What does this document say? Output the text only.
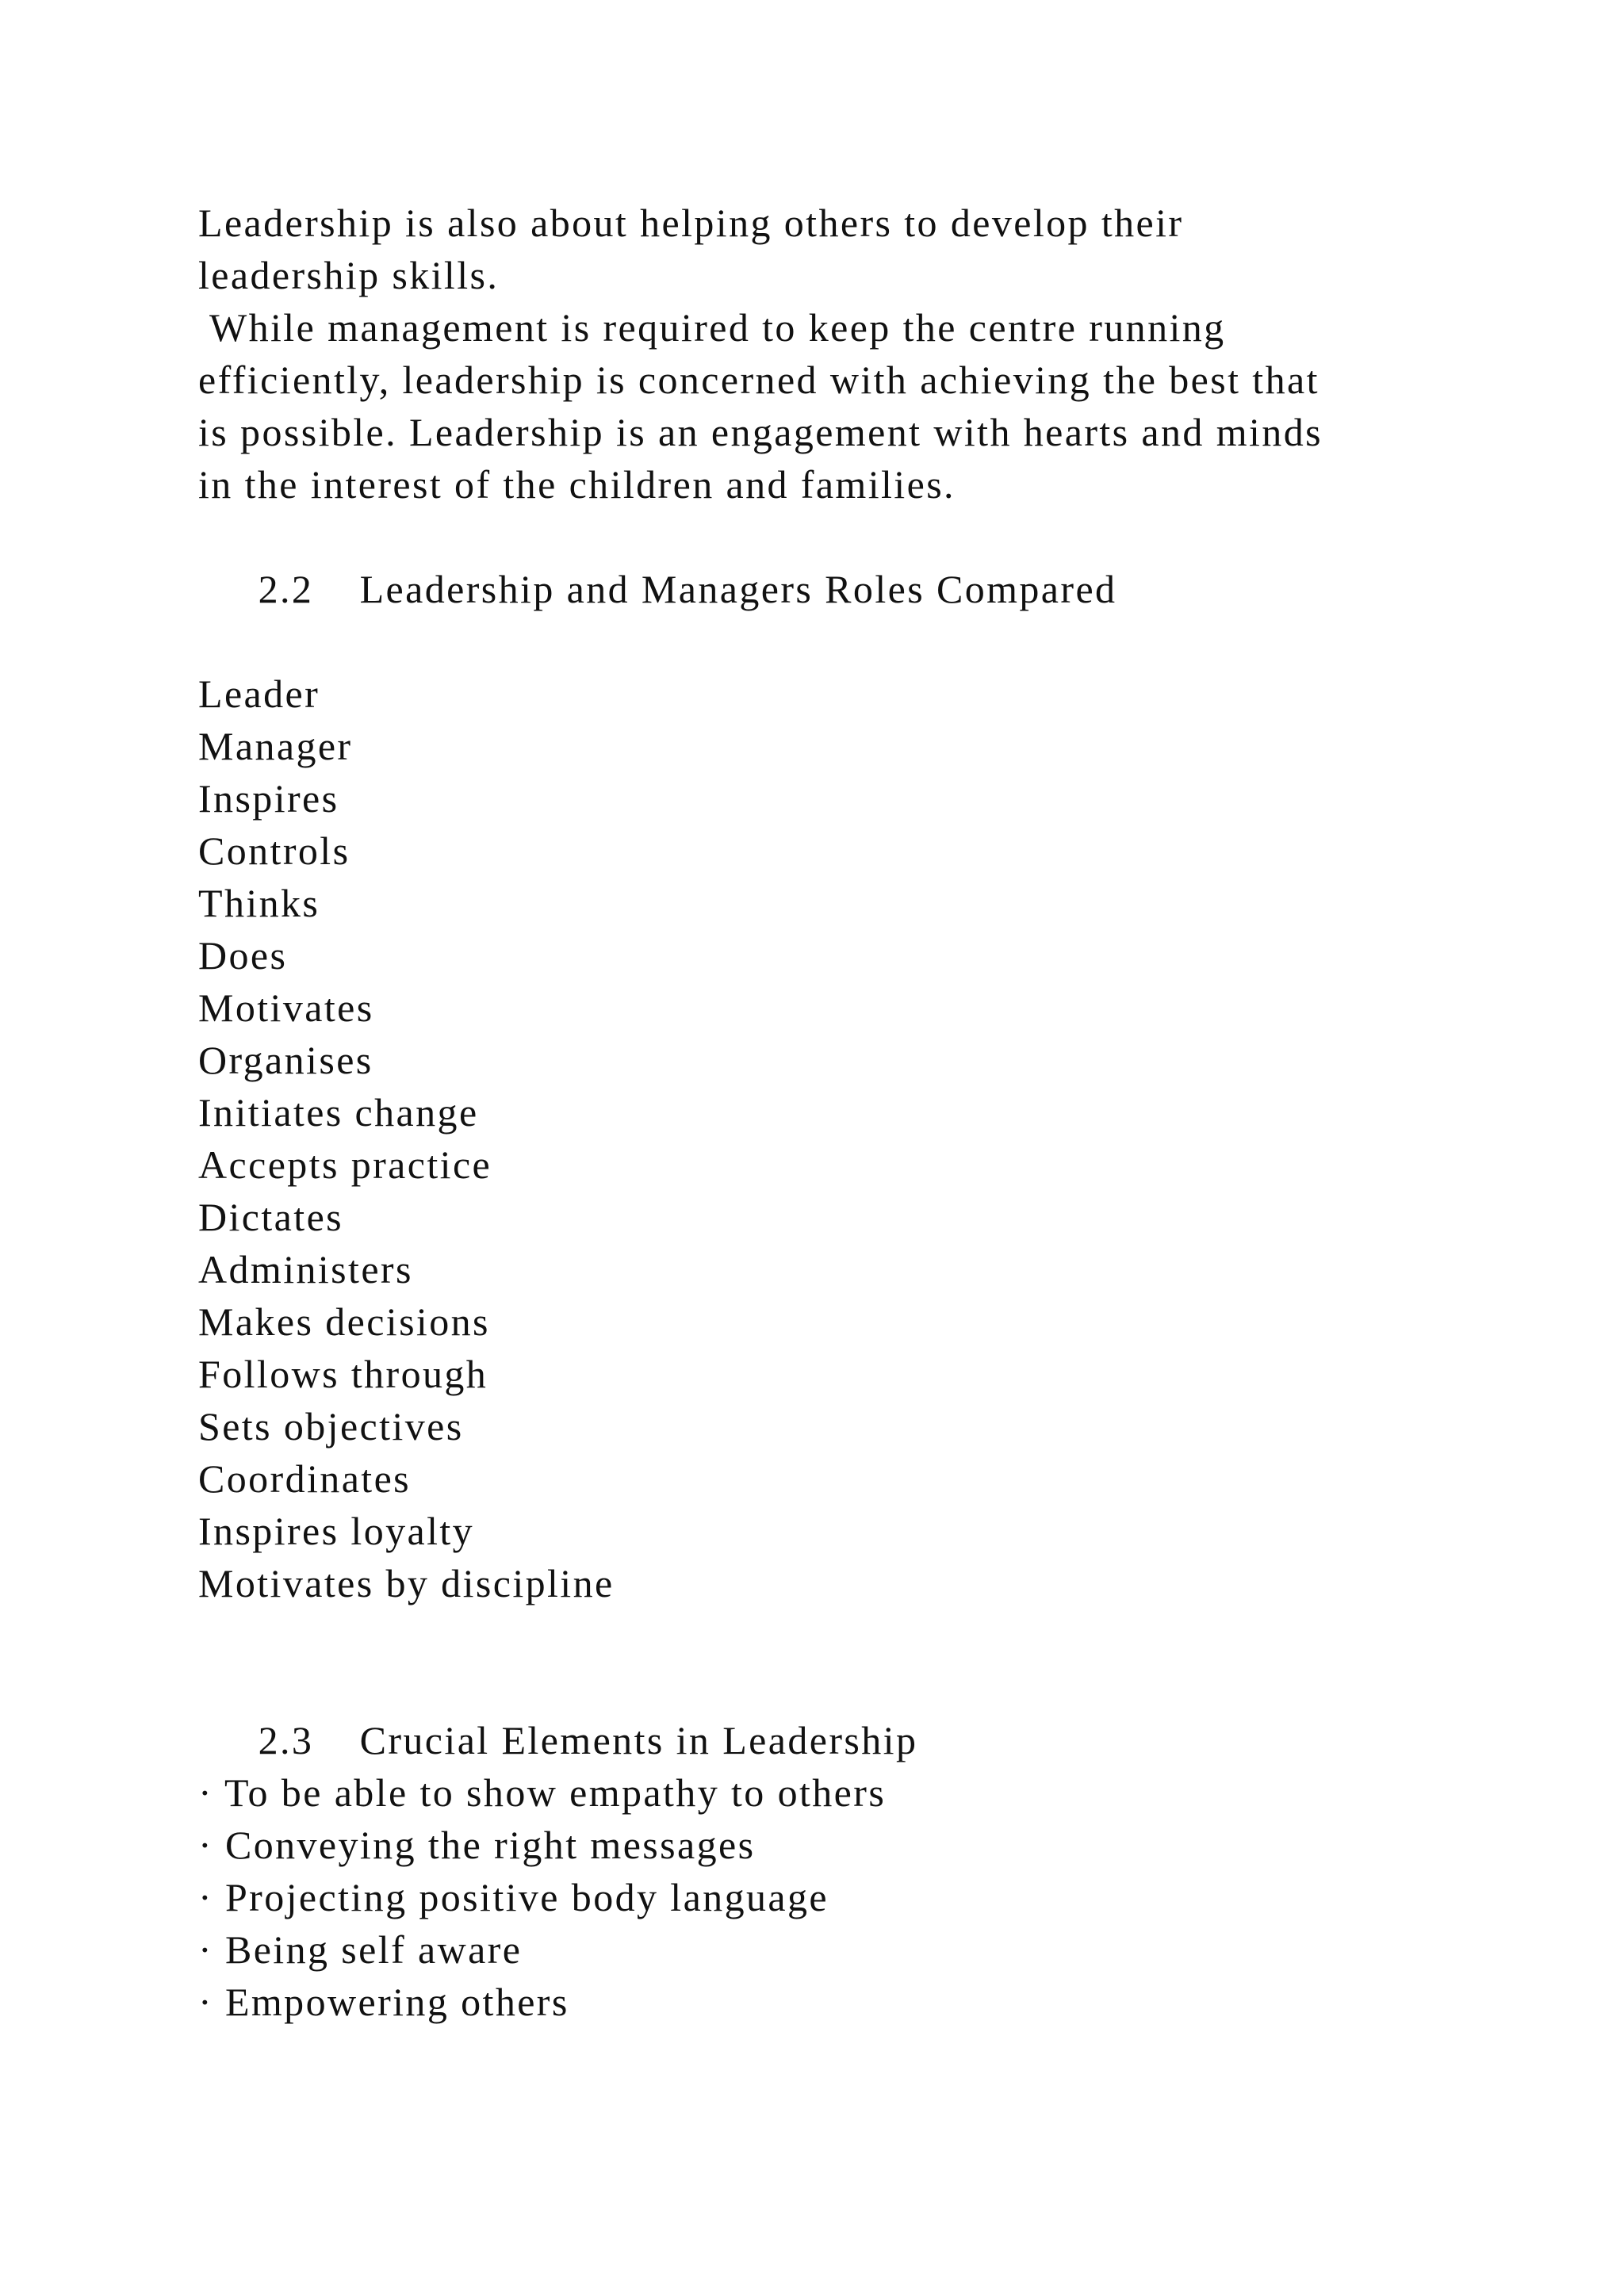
Leadership is also about helping others to develop their
leadership skills.
While management is required to keep the centre running
efficiently, leadership is concerned with achieving the best that
is possible. Leadership is an engagement with hearts and minds
in the interest of the children and families.

2.2 Leadership and Managers Roles Compared

Leader
Manager
Inspires
Controls
Thinks
Does
Motivates
Organises
Initiates change
Accepts practice
Dictates
Administers
Makes decisions
Follows through
Sets objectives
Coordinates
Inspires loyalty
Motivates by discipline

2.3 Crucial Elements in Leadership

· To be able to show empathy to others
· Conveying the right messages
· Projecting positive body language
· Being self aware
· Empowering others
